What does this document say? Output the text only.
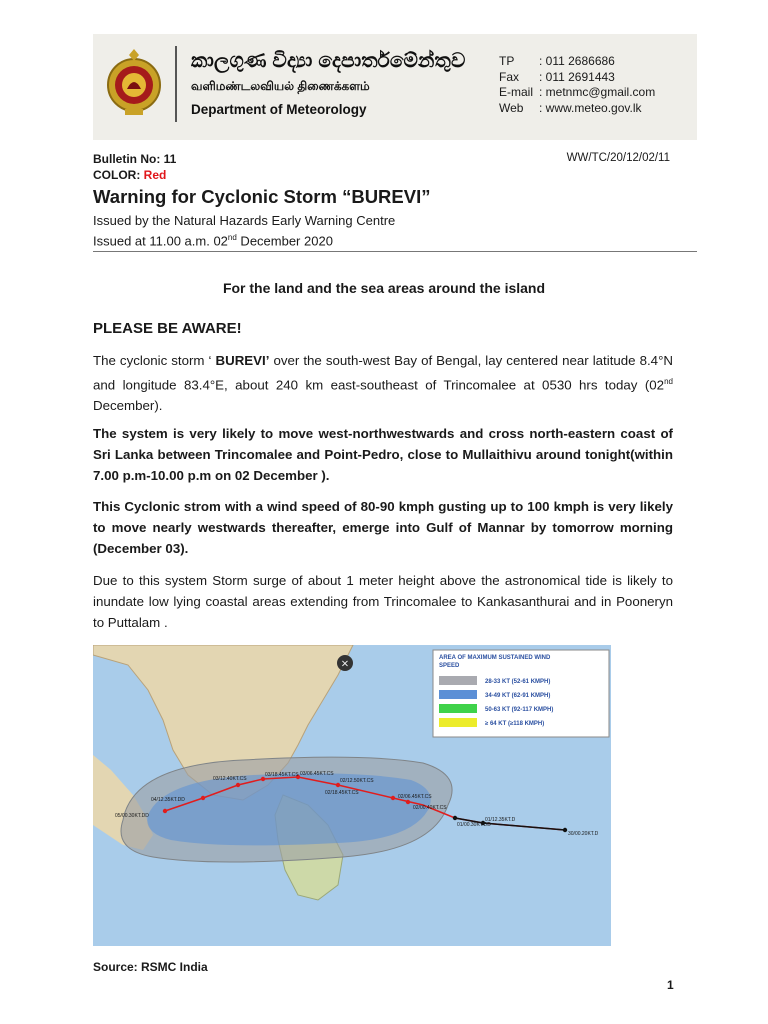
කාලගුණ විද්‍යා දෙපාර්තමේන්තුව
வளிமண்டலவியல் திணைக்களம்
Department of Meteorology
TP	: 011 2686686
Fax	: 011 2691443
E-mail : metnmc@gmail.com
Web	: www.meteo.gov.lk
Bulletin No: 11
COLOR: Red
WW/TC/20/12/02/11
Warning for Cyclonic Storm “BUREVI”
Issued by the Natural Hazards Early Warning Centre
Issued at 11.00 a.m. 02nd December 2020
For the land and the sea areas around the island
PLEASE BE AWARE!
The cyclonic storm ‘ BUREVI’ over the south-west Bay of Bengal, lay centered near latitude 8.4°N and longitude 83.4°E, about 240 km east-southeast of Trincomalee at 0530 hrs today (02nd December).
The system is very likely to move west-northwestwards and cross north-eastern coast of Sri Lanka between Trincomalee and Point-Pedro, close to Mullaithivu around tonight(within 7.00 p.m-10.00 p.m on 02 December ).
This Cyclonic strom with a wind speed of 80-90 kmph gusting up to 100 kmph is very likely to move nearly westwards thereafter, emerge into Gulf of Mannar by tomorrow morning (December 03).
Due to this system Storm surge of about 1 meter height above the astronomical tide is likely to inundate low lying coastal areas extending from Trincomalee to Kankasanthurai and in Pooneryn to Puttalam .
05/00.30KT.DD
04/12.35KT.DD
03/12.40KT.CS
03/18.45KT.CS 03/06.45KT.CS
02/18.45KT.CS
02/12.50KT.CS
02/06.45KT.CS
02/00.40KT.CS
01/00.30KT.DD
01/12.35KT.D
30/00.20KT.D
×
AREA OF MAXIMUM SUSTAINED WIND
SPEED
28-33 KT (52-61 KMPH)
34-49 KT (62-91 KMPH)
50-63 KT (92-117 KMPH)
≥ 64 KT (≥118 KMPH)
Source: RSMC India
1
